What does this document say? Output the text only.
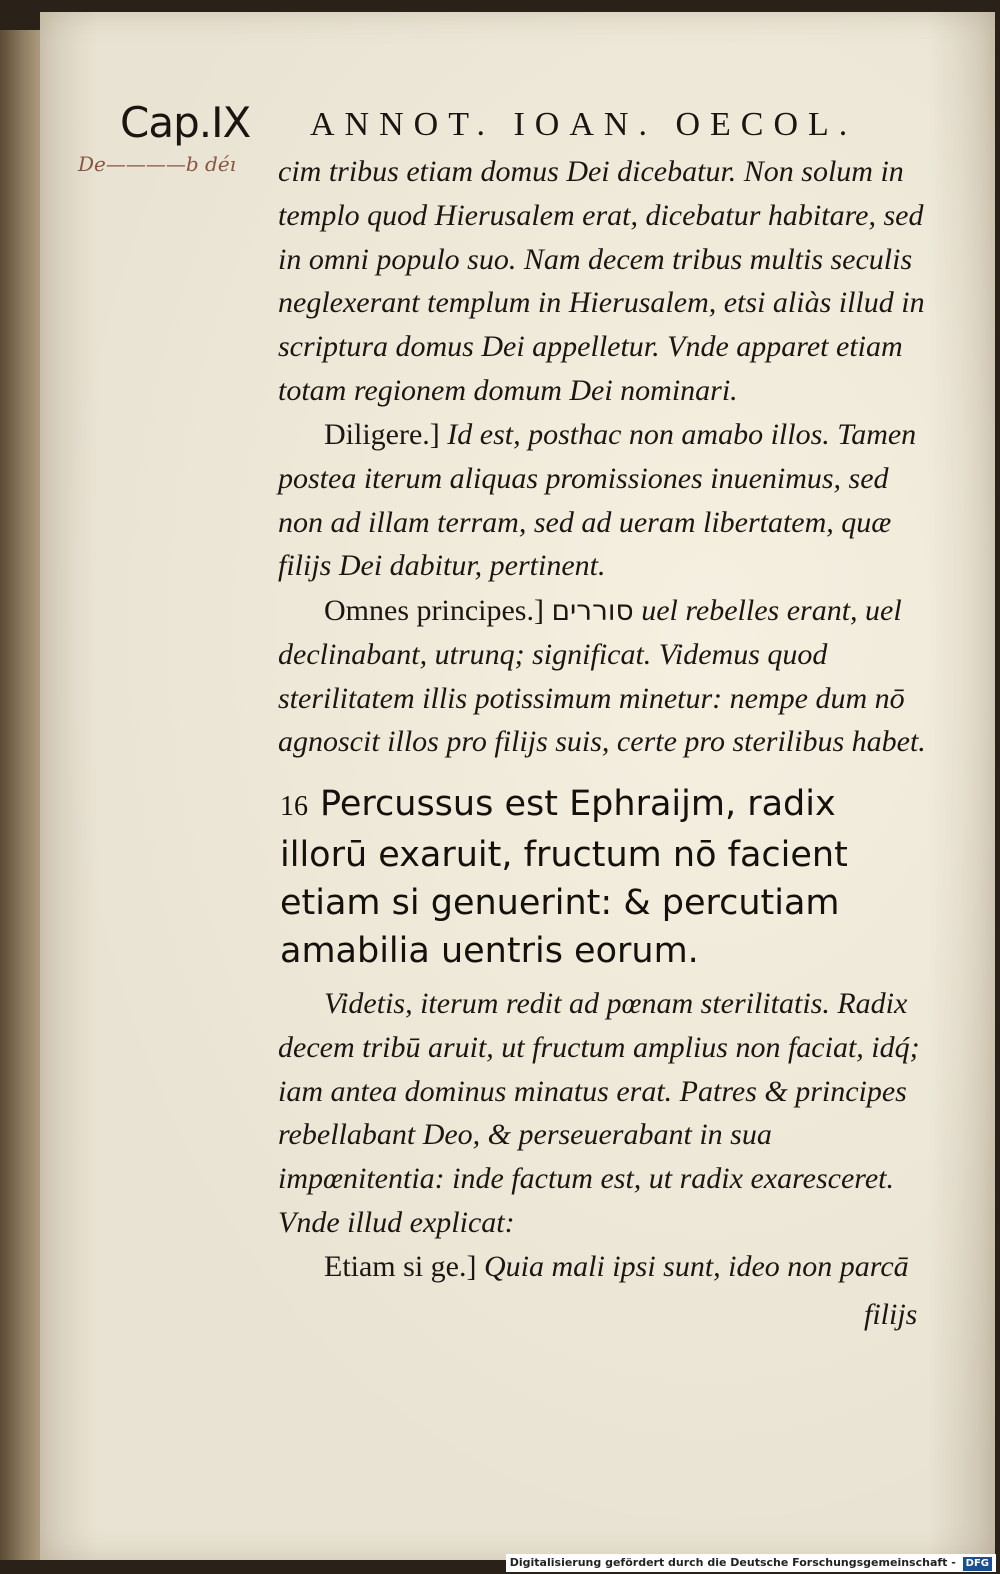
Cap.IX ANNOT. IOAN. OECOL.
De————b déı cim tribus etiam domus Dei dicebatur. Non solum in templo quod Hierusalem erat, dicebatur habitare, sed in omni populo suo. Nam decem tribus multis seculis neglexerant templum in Hierusalem, etsi aliàs illud in scriptura domus Dei appelletur. Vnde apparet etiam totam regionem domum Dei nominari.

Diligere.] Id est, posthac non amabo illos. Tamen postea iterum aliquas promissiones inuenimus, sed non ad illam terram, sed ad ueram libertatem, quæ filijs Dei dabitur, pertinent.

Omnes principes.] סוררים uel rebelles erant, uel declinabant, utrunq; significat. Videmus quod sterilitatem illis potissimum minetur: nempe dum nō agnoscit illos pro filijs suis, certe pro sterilibus habet.

16 Percussus est Ephraijm, radix illorū exaruit, fructum nō facient etiam si genuerint: & percutiam amabilia uentris eorum.

Videtis, iterum redit ad pœnam sterilitatis. Radix decem tribū aruit, ut fructum amplius non faciat, idq́; iam antea dominus minatus erat. Patres & principes rebellabant Deo, & perseuerabant in sua impœnitentia: inde factum est, ut radix exaresceret. Vnde illud explicat:

Etiam si ge.] Quia mali ipsi sunt, ideo non parcā

filijs
Digitalisierung gefördert durch die Deutsche Forschungsgemeinschaft - DFG
